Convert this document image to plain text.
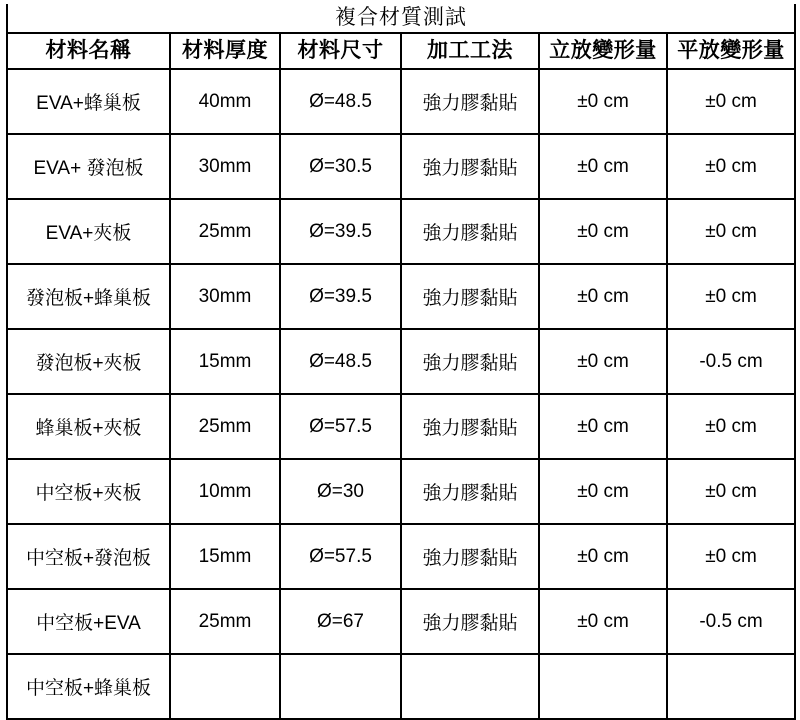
複合材質測試					
材料名稱	材料厚度	材料尺寸	加工工法	立放變形量	平放變形量
EVA+蜂巢板	40mm	Ø=48.5	強力膠黏貼	±0 cm	±0 cm
EVA+ 發泡板	30mm	Ø=30.5	強力膠黏貼	±0 cm	±0 cm
EVA+夾板	25mm	Ø=39.5	強力膠黏貼	±0 cm	±0 cm
發泡板+蜂巢板	30mm	Ø=39.5	強力膠黏貼	±0 cm	±0 cm
發泡板+夾板	15mm	Ø=48.5	強力膠黏貼	±0 cm	-0.5 cm
蜂巢板+夾板	25mm	Ø=57.5	強力膠黏貼	±0 cm	±0 cm
中空板+夾板	10mm	Ø=30	強力膠黏貼	±0 cm	±0 cm
中空板+發泡板	15mm	Ø=57.5	強力膠黏貼	±0 cm	±0 cm
中空板+EVA	25mm	Ø=67	強力膠黏貼	±0 cm	-0.5 cm
中空板+蜂巢板					
